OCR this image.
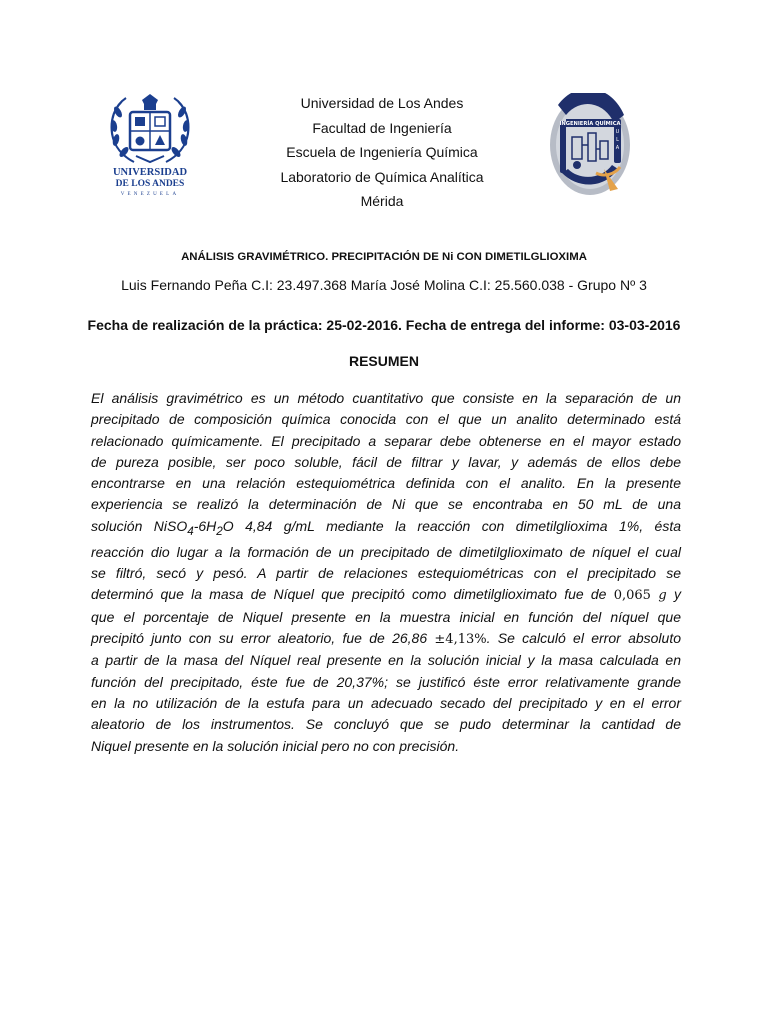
UNIVERSIDAD
DE LOS ANDES
VENEZUELA
Universidad de Los Andes
Facultad de Ingeniería
Escuela de Ingeniería Química
Laboratorio de Química Analítica
Mérida
U
L
A
INGENIERÍA QUÍMICA
ANÁLISIS GRAVIMÉTRICO. PRECIPITACIÓN DE Ni CON DIMETILGLIOXIMA
Luis Fernando Peña C.I: 23.497.368 María José Molina C.I: 25.560.038 - Grupo Nº 3
Fecha de realización de la práctica: 25-02-2016. Fecha de entrega del informe: 03-03-2016
RESUMEN
El análisis gravimétrico es un método cuantitativo que consiste en la separación de un
precipitado de composición química conocida con el que un analito determinado está
relacionado químicamente. El precipitado a separar debe obtenerse en el mayor estado
de pureza posible, ser poco soluble, fácil de filtrar y lavar, y además de ellos debe
encontrarse en una relación estequiométrica definida con el analito. En la presente
experiencia se realizó la determinación de Ni que se encontraba en 50 mL de una
solución $NiSO_4-6H_2O$ 4,84 g/mL mediante la reacción con dimetilglioxima 1%, ésta
reacción dio lugar a la formación de un precipitado de dimetilglioximato de níquel el cual
se filtró, secó y pesó. A partir de relaciones estequiométricas con el precipitado se
determinó que la masa de Níquel que precipitó como dimetilglioximato fue de 0,065 g y
que el porcentaje de Niquel presente en la muestra inicial en función del níquel que
precipitó junto con su error aleatorio, fue de 26,86 ±4,13%. Se calculó el error absoluto
a partir de la masa del Níquel real presente en la solución inicial y la masa calculada en
función del precipitado, éste fue de 20,37%; se justificó éste error relativamente grande
en la no utilización de la estufa para un adecuado secado del precipitado y en el error
aleatorio de los instrumentos. Se concluyó que se pudo determinar la cantidad de
Niquel presente en la solución inicial pero no con precisión.
